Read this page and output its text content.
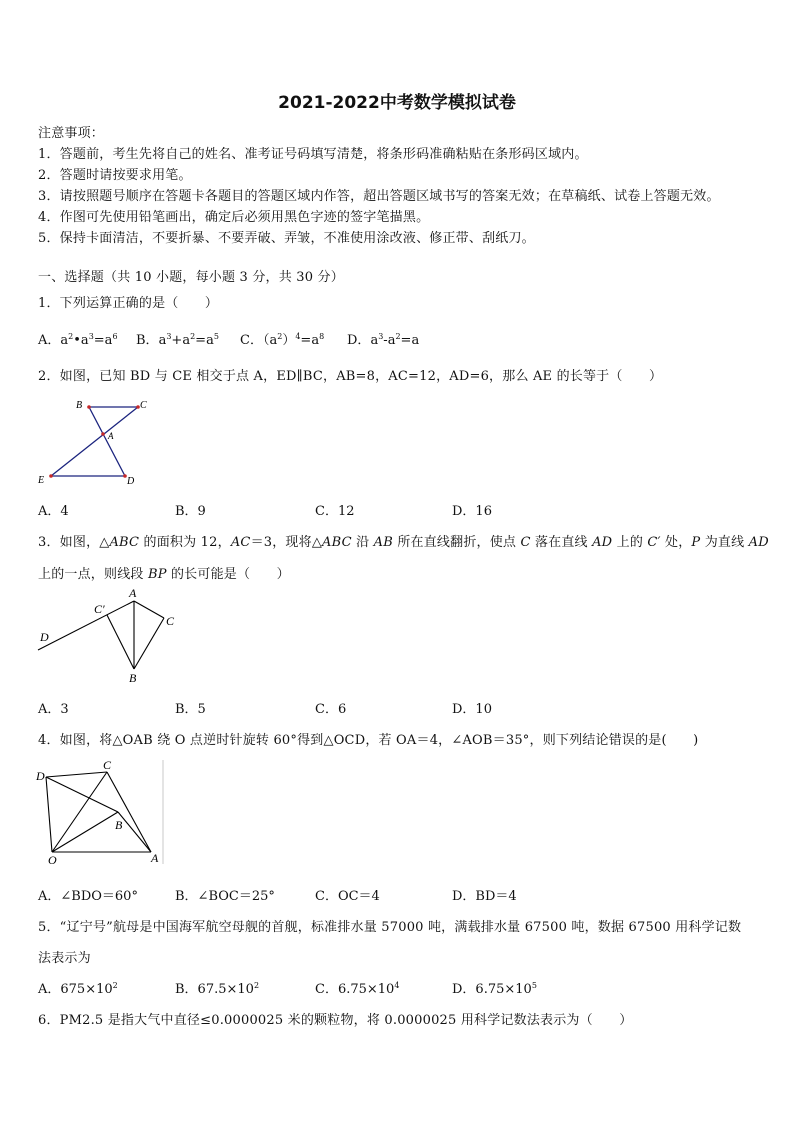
2021-2022中考数学模拟试卷
注意事项：
1．答题前，考生先将自己的姓名、准考证号码填写清楚，将条形码准确粘贴在条形码区域内。
2．答题时请按要求用笔。
3．请按照题号顺序在答题卡各题目的答题区域内作答，超出答题区域书写的答案无效；在草稿纸、试卷上答题无效。
4．作图可先使用铅笔画出，确定后必须用黑色字迹的签字笔描黑。
5．保持卡面清洁，不要折暴、不要弄破、弄皱，不准使用涂改液、修正带、刮纸刀。
一、选择题（共 10 小题，每小题 3 分，共 30 分）
1．下列运算正确的是（　　）
A．$a^2•a^3=a^6$ B．$a^3+a^2=a^5$ C．$(a^2)^4=a^8$ D．$a^3-a^2=a$
2．如图，已知 BD 与 CE 相交于点 A，ED∥BC，AB=8，AC=12，AD=6，那么 AE 的长等于（　　）
B	C
A
E	D
A．4	B．9	C．12	D．16
3．如图，△ABC 的面积为 12，AC＝3，现将△ABC 沿 AB 所在直线翻折，使点 C 落在直线 AD 上的 C′ 处，P 为直线 AD
上的一点，则线段 BP 的长可能是（　　）
A
C′
C
D
B
A．3	B．5	C．6	D．10
4．如图，将△OAB 绕 O 点逆时针旋转 60°得到△OCD，若 OA＝4，∠AOB＝35°，则下列结论错误的是(　　)
D
C
B
O	A
A．∠BDO＝60°	B．∠BOC＝25°	C．OC＝4	D．BD＝4
5．“辽宁号”航母是中国海军航空母舰的首舰，标准排水量 57000 吨，满载排水量 67500 吨，数据 67500 用科学记数
法表示为
A．$675\times 10^2$	B．$67.5\times 10^2$	C．$6.75\times 10^4$	D．$6.75\times 10^5$
6．PM2.5 是指大气中直径≤0.0000025 米的颗粒物，将 0.0000025 用科学记数法表示为（　　）
